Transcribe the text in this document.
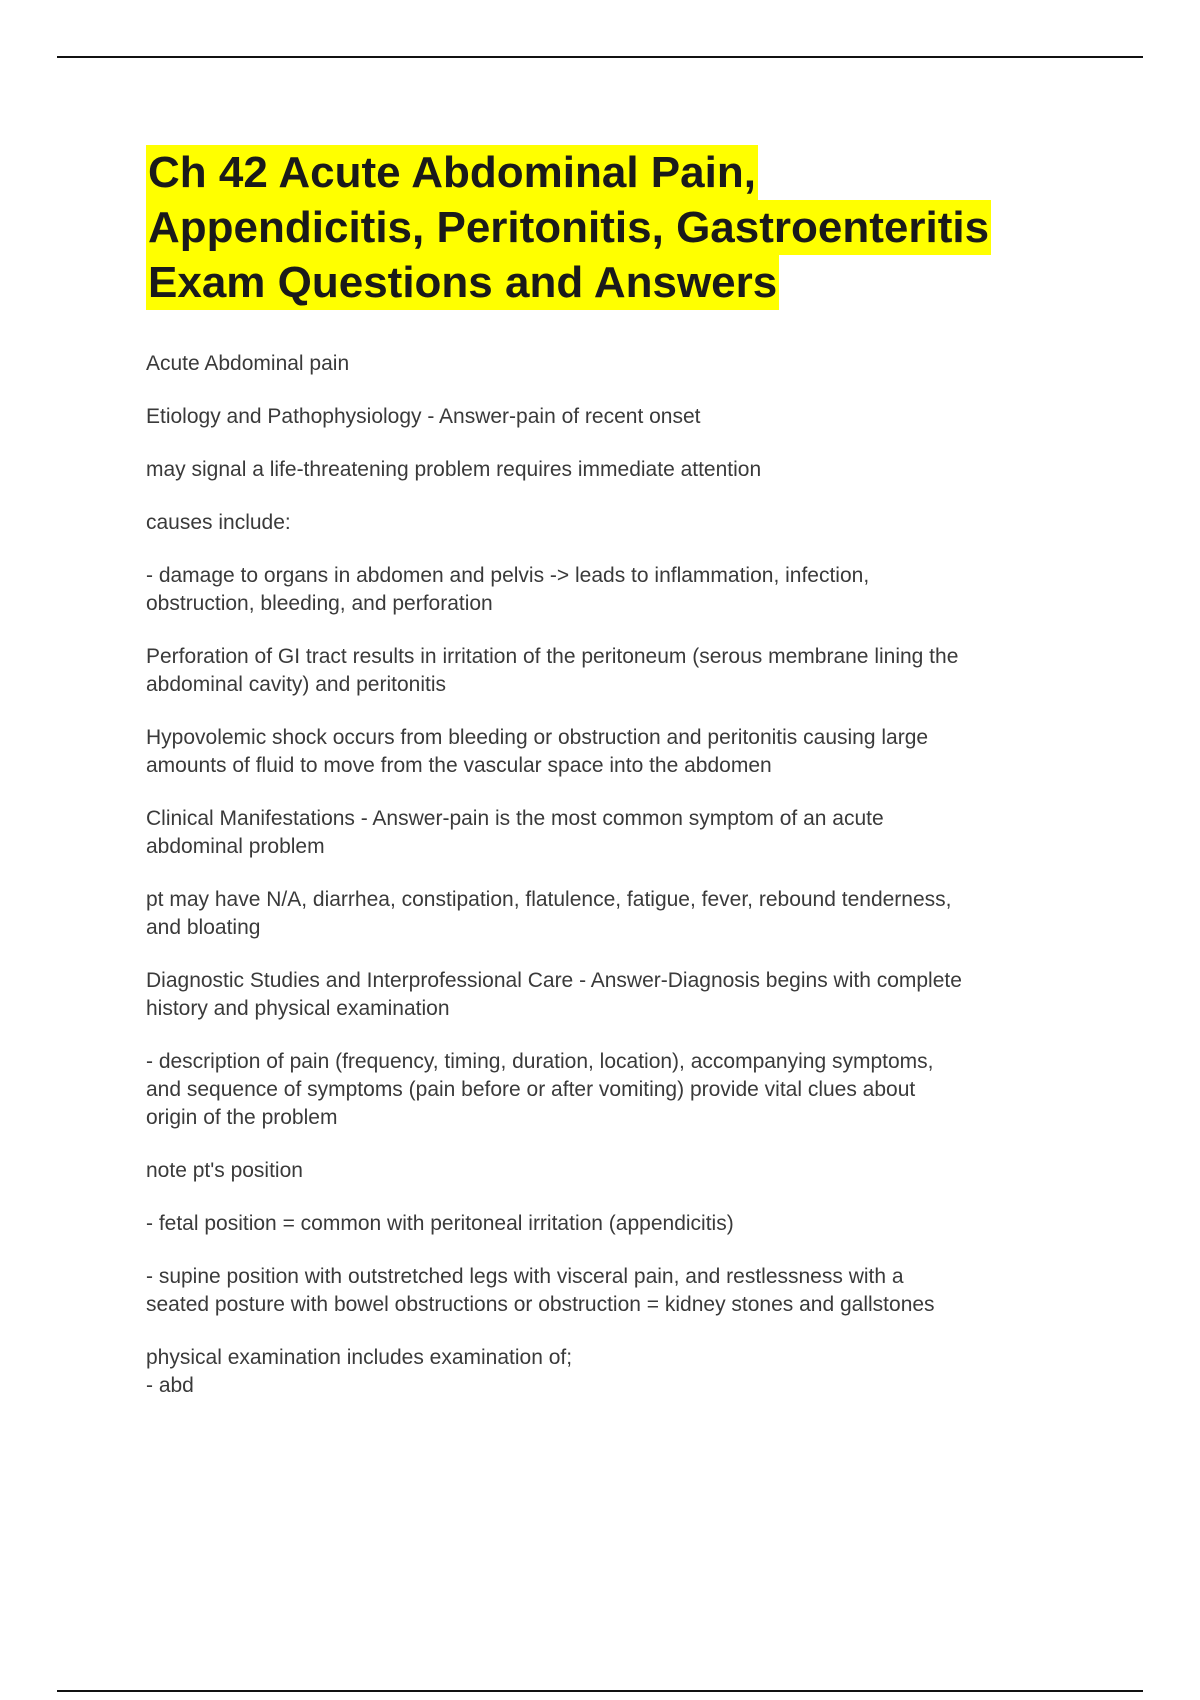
Ch 42 Acute Abdominal Pain,
Appendicitis, Peritonitis, Gastroenteritis
Exam Questions and Answers

Acute Abdominal pain

Etiology and Pathophysiology - Answer-pain of recent onset

may signal a life-threatening problem requires immediate attention

causes include:

- damage to organs in abdomen and pelvis -> leads to inflammation, infection,
obstruction, bleeding, and perforation

Perforation of GI tract results in irritation of the peritoneum (serous membrane lining the
abdominal cavity) and peritonitis

Hypovolemic shock occurs from bleeding or obstruction and peritonitis causing large
amounts of fluid to move from the vascular space into the abdomen

Clinical Manifestations - Answer-pain is the most common symptom of an acute
abdominal problem

pt may have N/A, diarrhea, constipation, flatulence, fatigue, fever, rebound tenderness,
and bloating

Diagnostic Studies and Interprofessional Care - Answer-Diagnosis begins with complete
history and physical examination

- description of pain (frequency, timing, duration, location), accompanying symptoms,
and sequence of symptoms (pain before or after vomiting) provide vital clues about
origin of the problem

note pt's position

- fetal position = common with peritoneal irritation (appendicitis)

- supine position with outstretched legs with visceral pain, and restlessness with a
seated posture with bowel obstructions or obstruction = kidney stones and gallstones

physical examination includes examination of;
- abd
